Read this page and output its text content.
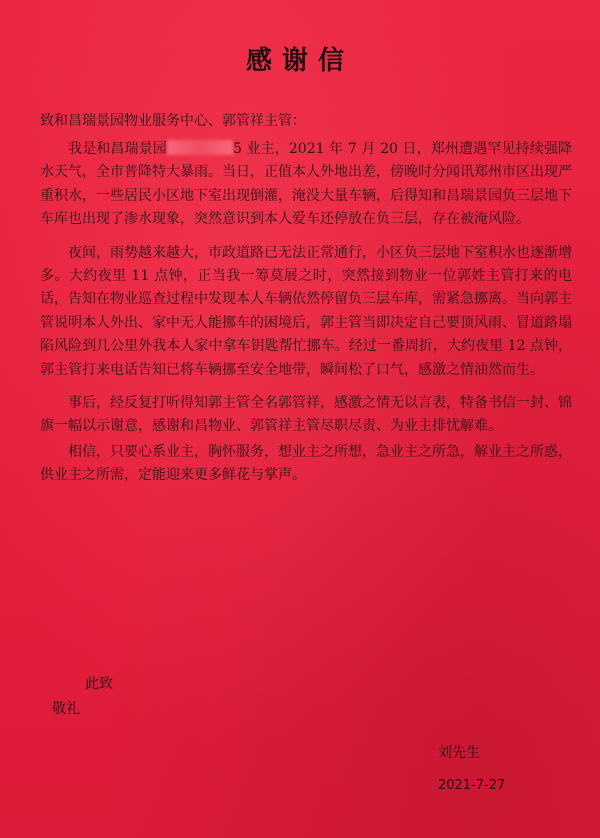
感谢信
致和昌瑞景园物业服务中心、郭管祥主管：

我是和昌瑞景园	5 业主，2021 年 7 月 20 日，郑州遭遇罕见持续强降水天气，全市普降特大暴雨。当日，正值本人外地出差，傍晚时分闻讯郑州市区出现严重积水，一些居民小区地下室出现倒灌，淹没大量车辆，后得知和昌瑞景园负三层地下车库也出现了渗水现象，突然意识到本人爱车还停放在负三层，存在被淹风险。

夜间，雨势越来越大，市政道路已无法正常通行，小区负三层地下室积水也逐渐增多。大约夜里 11 点钟，正当我一筹莫展之时，突然接到物业一位郭姓主管打来的电话，告知在物业巡查过程中发现本人车辆依然停留负三层车库，需紧急挪离。当向郭主管说明本人外出、家中无人能挪车的困境后，郭主管当即决定自己要顶风雨、冒道路塌陷风险到几公里外我本人家中拿车钥匙帮忙挪车。经过一番周折，大约夜里 12 点钟，郭主管打来电话告知已将车辆挪至安全地带，瞬间松了口气，感激之情油然而生。

事后，经反复打听得知郭主管全名郭管祥，感激之情无以言表，特备书信一封、锦旗一幅以示谢意，感谢和昌物业、郭管祥主管尽职尽责、为业主排忧解难。

相信，只要心系业主，胸怀服务，想业主之所想，急业主之所急，解业主之所惑，供业主之所需，定能迎来更多鲜花与掌声。

此致
敬礼
刘先生
2021-7-27
